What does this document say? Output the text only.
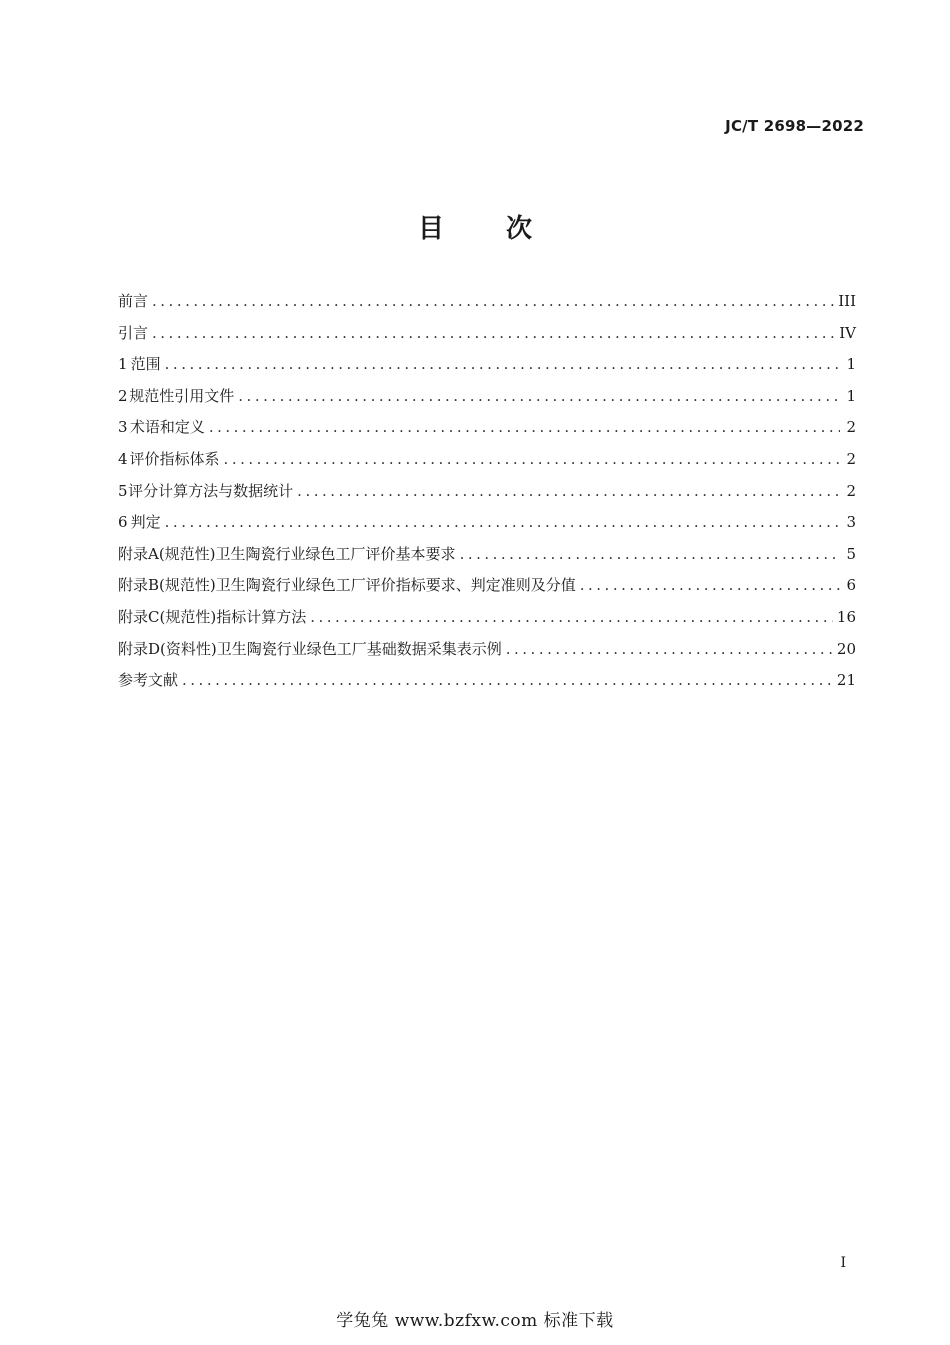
JC/T 2698—2022
目次
前言 .....	III
引言 .....	IV
1 范围 .....	1
2 规范性引用文件 .....	1
3 术语和定义 .....	2
4 评价指标体系 .....	2
5 评分计算方法与数据统计 .....	2
6 判定 .....	3
附录A(规范性) 卫生陶瓷行业绿色工厂评价基本要求 .....	5
附录B(规范性) 卫生陶瓷行业绿色工厂评价指标要求、判定准则及分值 .....	6
附录C(规范性) 指标计算方法 .....	16
附录D(资料性) 卫生陶瓷行业绿色工厂基础数据采集表示例 .....	20
参考文献 .....	21
I
学兔兔 www.bzfxw.com 标准下载
